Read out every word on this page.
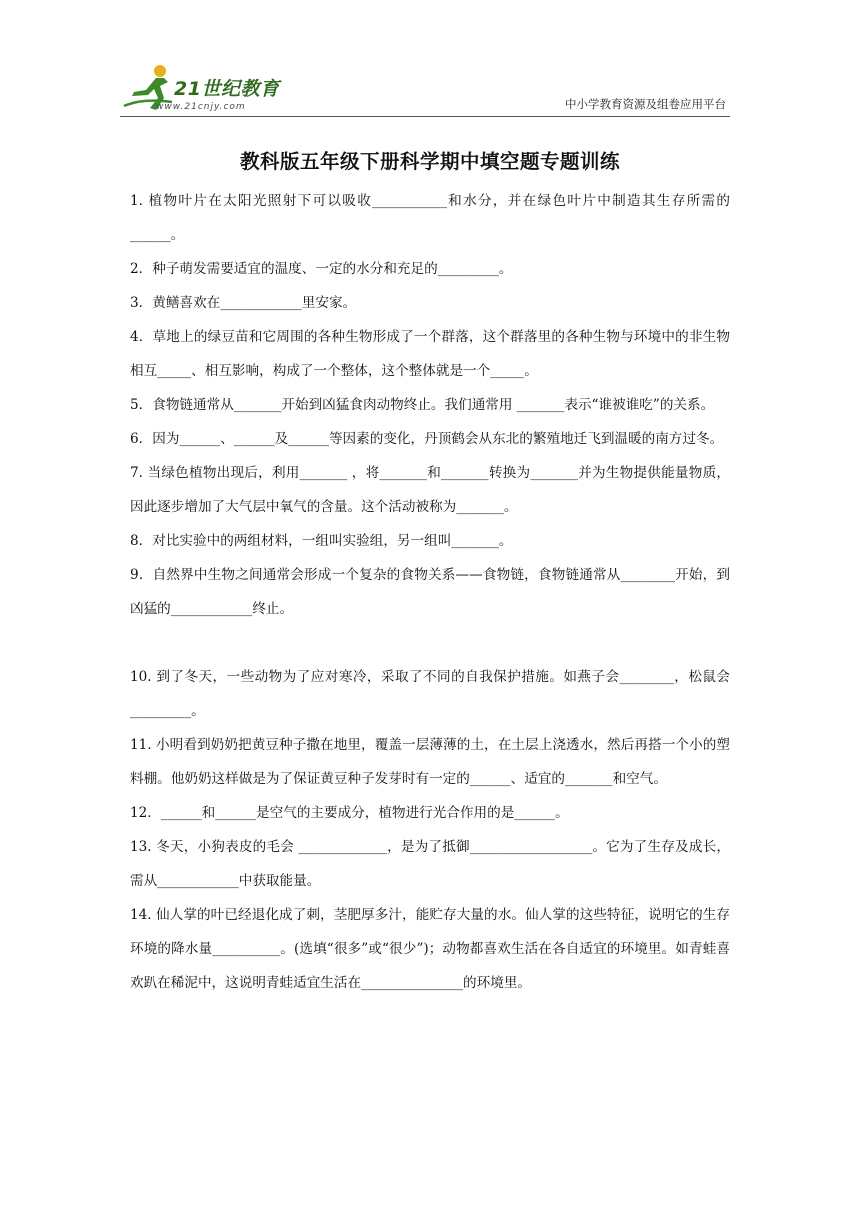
21世纪教育
www.21cnjy.com	中小学教育资源及组卷应用平台
教科版五年级下册科学期中填空题专题训练

1. 植物叶片在太阳光照射下可以吸收___________和水分，并在绿色叶片中制造其生存所需的______。

2．种子萌发需要适宜的温度、一定的水分和充足的_________。

3．黄鳝喜欢在____________里安家。

4．草地上的绿豆苗和它周围的各种生物形成了一个群落，这个群落里的各种生物与环境中的非生物相互_____、相互影响，构成了一个整体，这个整体就是一个_____。

5．食物链通常从_______开始到凶猛食肉动物终止。我们通常用 _______表示“谁被谁吃”的关系。

6．因为______、______及______等因素的变化，丹顶鹤会从东北的繁殖地迁飞到温暖的南方过冬。

7. 当绿色植物出现后，利用_______ ，将_______和_______转换为_______并为生物提供能量物质， 因此逐步增加了大气层中氧气的含量。这个活动被称为_______。

8．对比实验中的两组材料，一组叫实验组，另一组叫_______。

9．自然界中生物之间通常会形成一个复杂的食物关系——食物链，食物链通常从________开始，到凶猛的____________终止。

10. 到了冬天，一些动物为了应对寒冷，采取了不同的自我保护措施。如燕子会________，松鼠会_________。

11. 小明看到奶奶把黄豆种子撒在地里，覆盖一层薄薄的土，在土层上浇透水，然后再搭一个小的塑料棚。他奶奶这样做是为了保证黄豆种子发芽时有一定的______、适宜的_______和空气。

12．______和______是空气的主要成分，植物进行光合作用的是______。

13. 冬天，小狗表皮的毛会 _____________，是为了抵御__________________。它为了生存及成长，需从____________中获取能量。

14. 仙人掌的叶已经退化成了刺，茎肥厚多汁，能贮存大量的水。仙人掌的这些特征，说明它的生存环境的降水量__________。(选填“很多”或“很少”)；动物都喜欢生活在各自适宜的环境里。如青蛙喜欢趴在稀泥中，这说明青蛙适宜生活在_______________的环境里。
